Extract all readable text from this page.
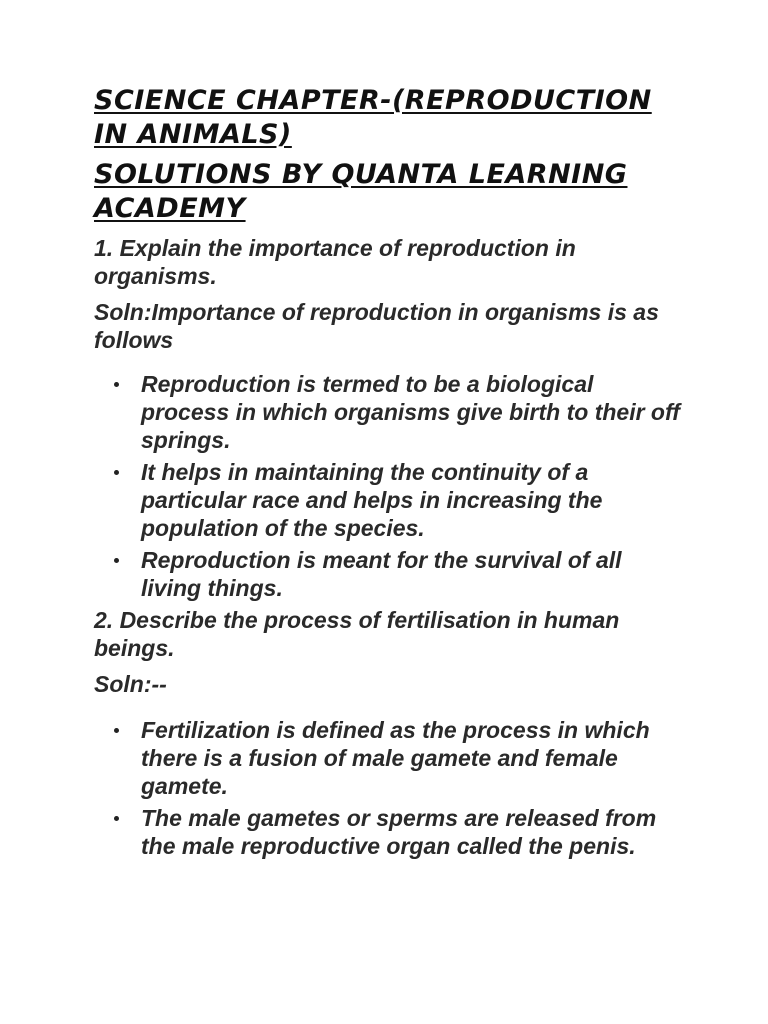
SCIENCE CHAPTER-(REPRODUCTION IN ANIMALS)
SOLUTIONS BY QUANTA LEARNING ACADEMY

1. Explain the importance of reproduction in organisms.

Soln:Importance of reproduction in organisms is as follows

Reproduction is termed to be a biological process in which organisms give birth to their off springs.
It helps in maintaining the continuity of a particular race and helps in increasing the population of the species.
Reproduction is meant for the survival of all living things.

2. Describe the process of fertilisation in human beings.

Soln:--

Fertilization is defined as the process in which there is a fusion of male gamete and female gamete.
The male gametes or sperms are released from the male reproductive organ called the penis.
